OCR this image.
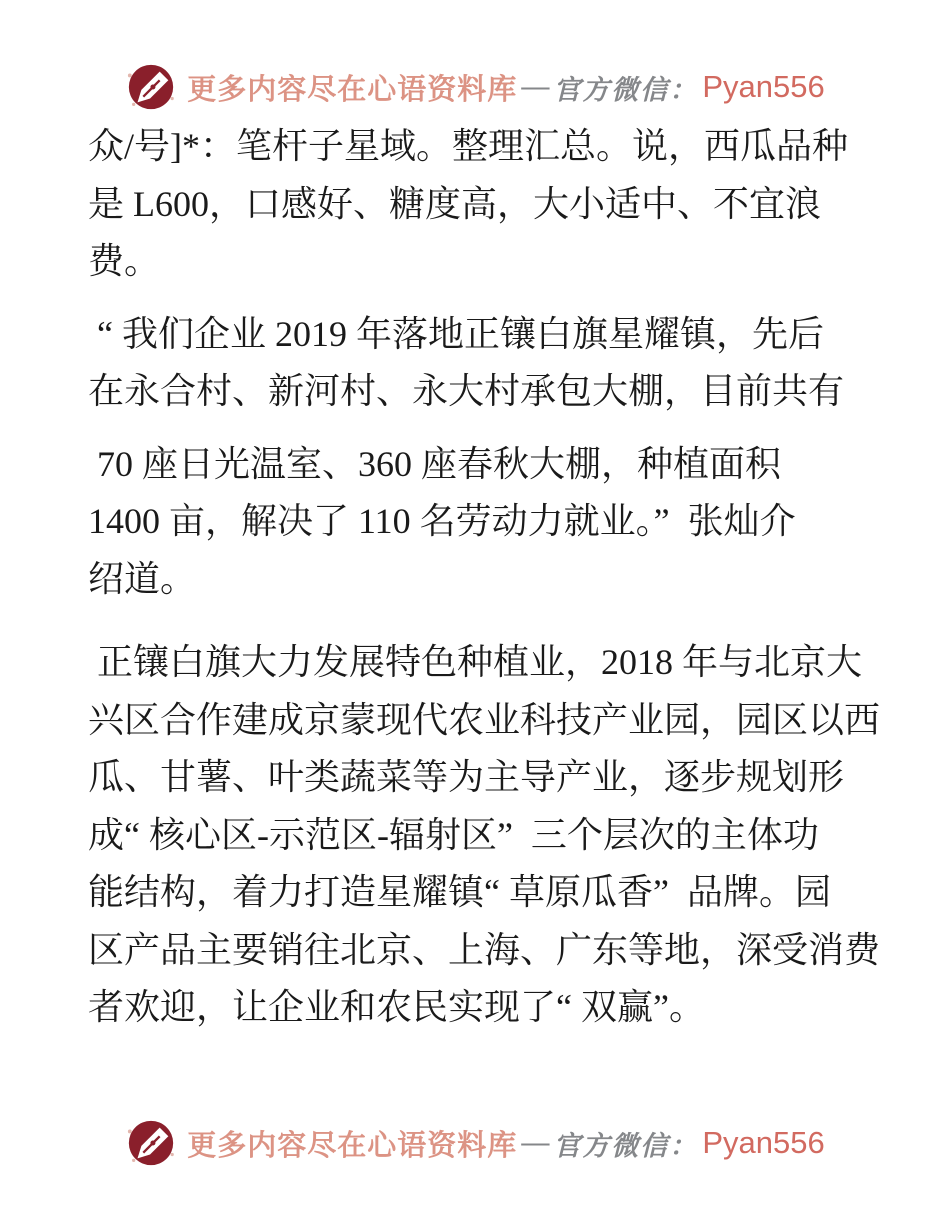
更多内容尽在心语资料库 — 官方微信： Pyan556
众/号]*：笔杆子星域。整理汇总。说，西瓜品种
是 L600，口感好、糖度高，大小适中、不宜浪
费。
“ 我们企业 2019 年落地正镶白旗星耀镇，先后
在永合村、新河村、永大村承包大棚，目前共有
70 座日光温室、360 座春秋大棚，种植面积
1400 亩，解决了 110 名劳动力就业。”  张灿介
绍道。
正镶白旗大力发展特色种植业，2018 年与北京大
兴区合作建成京蒙现代农业科技产业园，园区以西
瓜、甘薯、叶类蔬菜等为主导产业，逐步规划形
成“ 核心区-示范区-辐射区”  三个层次的主体功
能结构，着力打造星耀镇“ 草原瓜香”  品牌。园
区产品主要销往北京、上海、广东等地，深受消费
者欢迎，让企业和农民实现了“ 双赢”。
更多内容尽在心语资料库 — 官方微信： Pyan556
